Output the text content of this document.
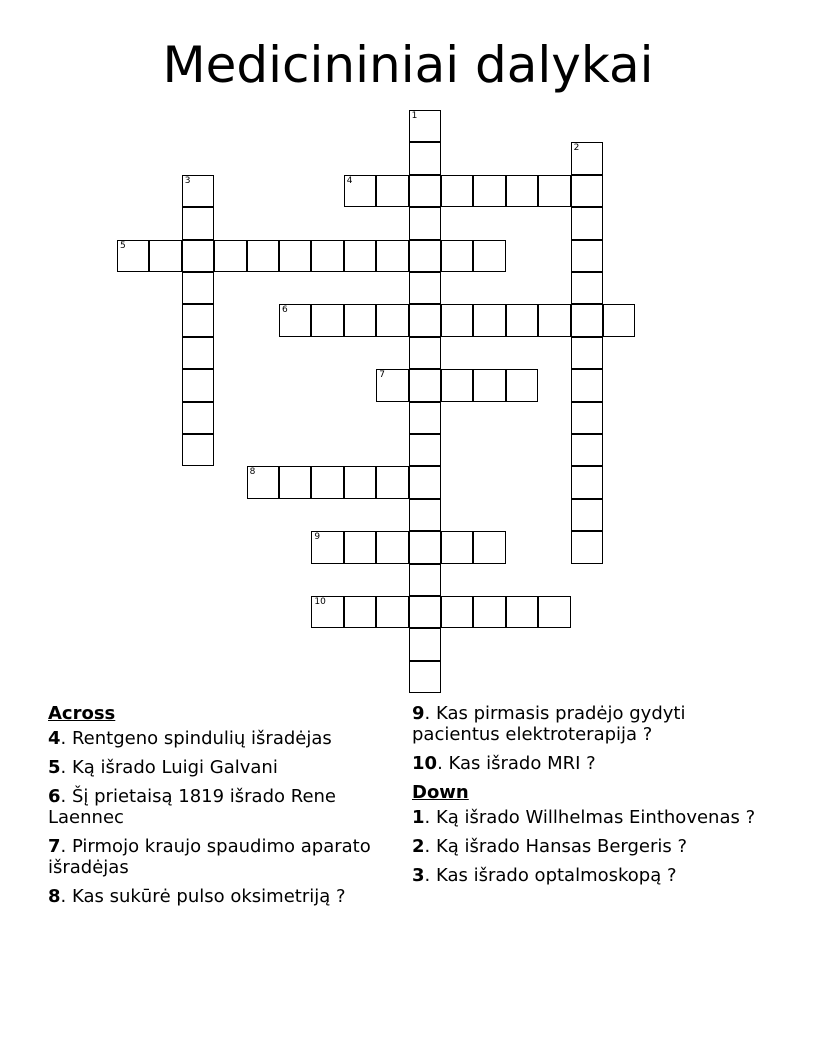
Medicininiai dalykai
1
2
3	4
5
6
7
8
9
10
Across
4. Rentgeno spindulių išradėjas
5. Ką išrado Luigi Galvani
6. Šį prietaisą 1819 išrado Rene Laennec
7. Pirmojo kraujo spaudimo aparato išradėjas
8. Kas sukūrė pulso oksimetriją ?
9. Kas pirmasis pradėjo gydyti pacientus elektroterapija ?
10. Kas išrado MRI ?
Down
1. Ką išrado Willhelmas Einthovenas ?
2. Ką išrado Hansas Bergeris ?
3. Kas išrado optalmoskopą ?
